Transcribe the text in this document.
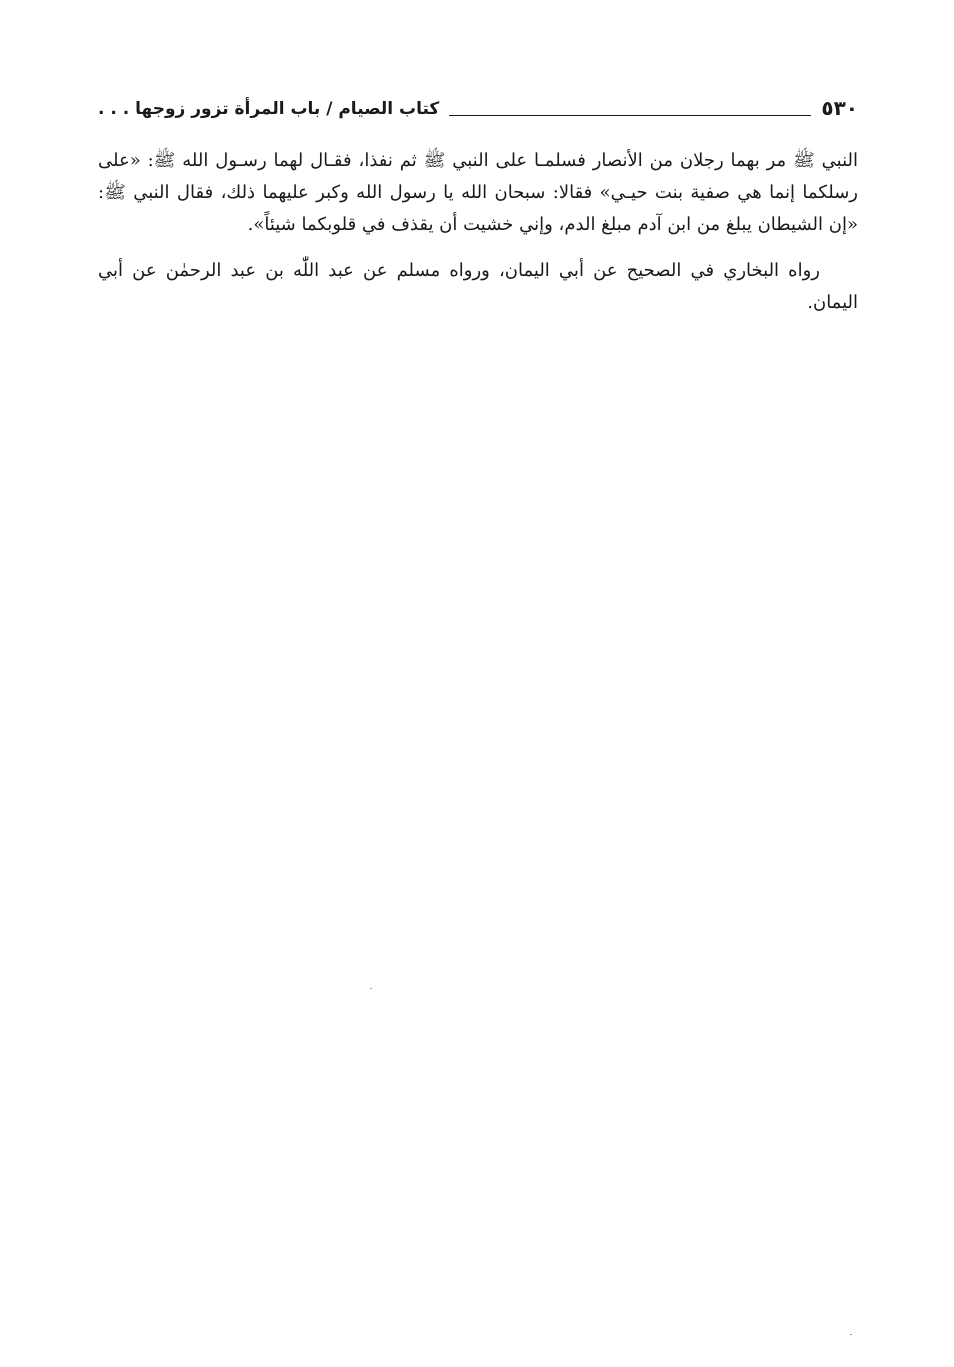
٥٣٠
كتاب الصيام / باب المرأة تزور زوجها . . .

النبي ﷺ مر بهما رجلان من الأنصار فسلمـا على النبي ﷺ ثم نفذا، فقـال لهما رسـول الله ﷺ: «على رسلكما إنما هي صفية بنت حيـي» فقالا: سبحان الله يا رسول الله وكبر عليهما ذلك، فقال النبي ﷺ: «إن الشيطان يبلغ من ابن آدم مبلغ الدم، وإني خشيت أن يقذف في قلوبكما شيئاً».

رواه البخاري في الصحيح عن أبي اليمان، ورواه مسلم عن عبد اللّٰه بن عبد الرحمٰن عن أبي اليمان.
